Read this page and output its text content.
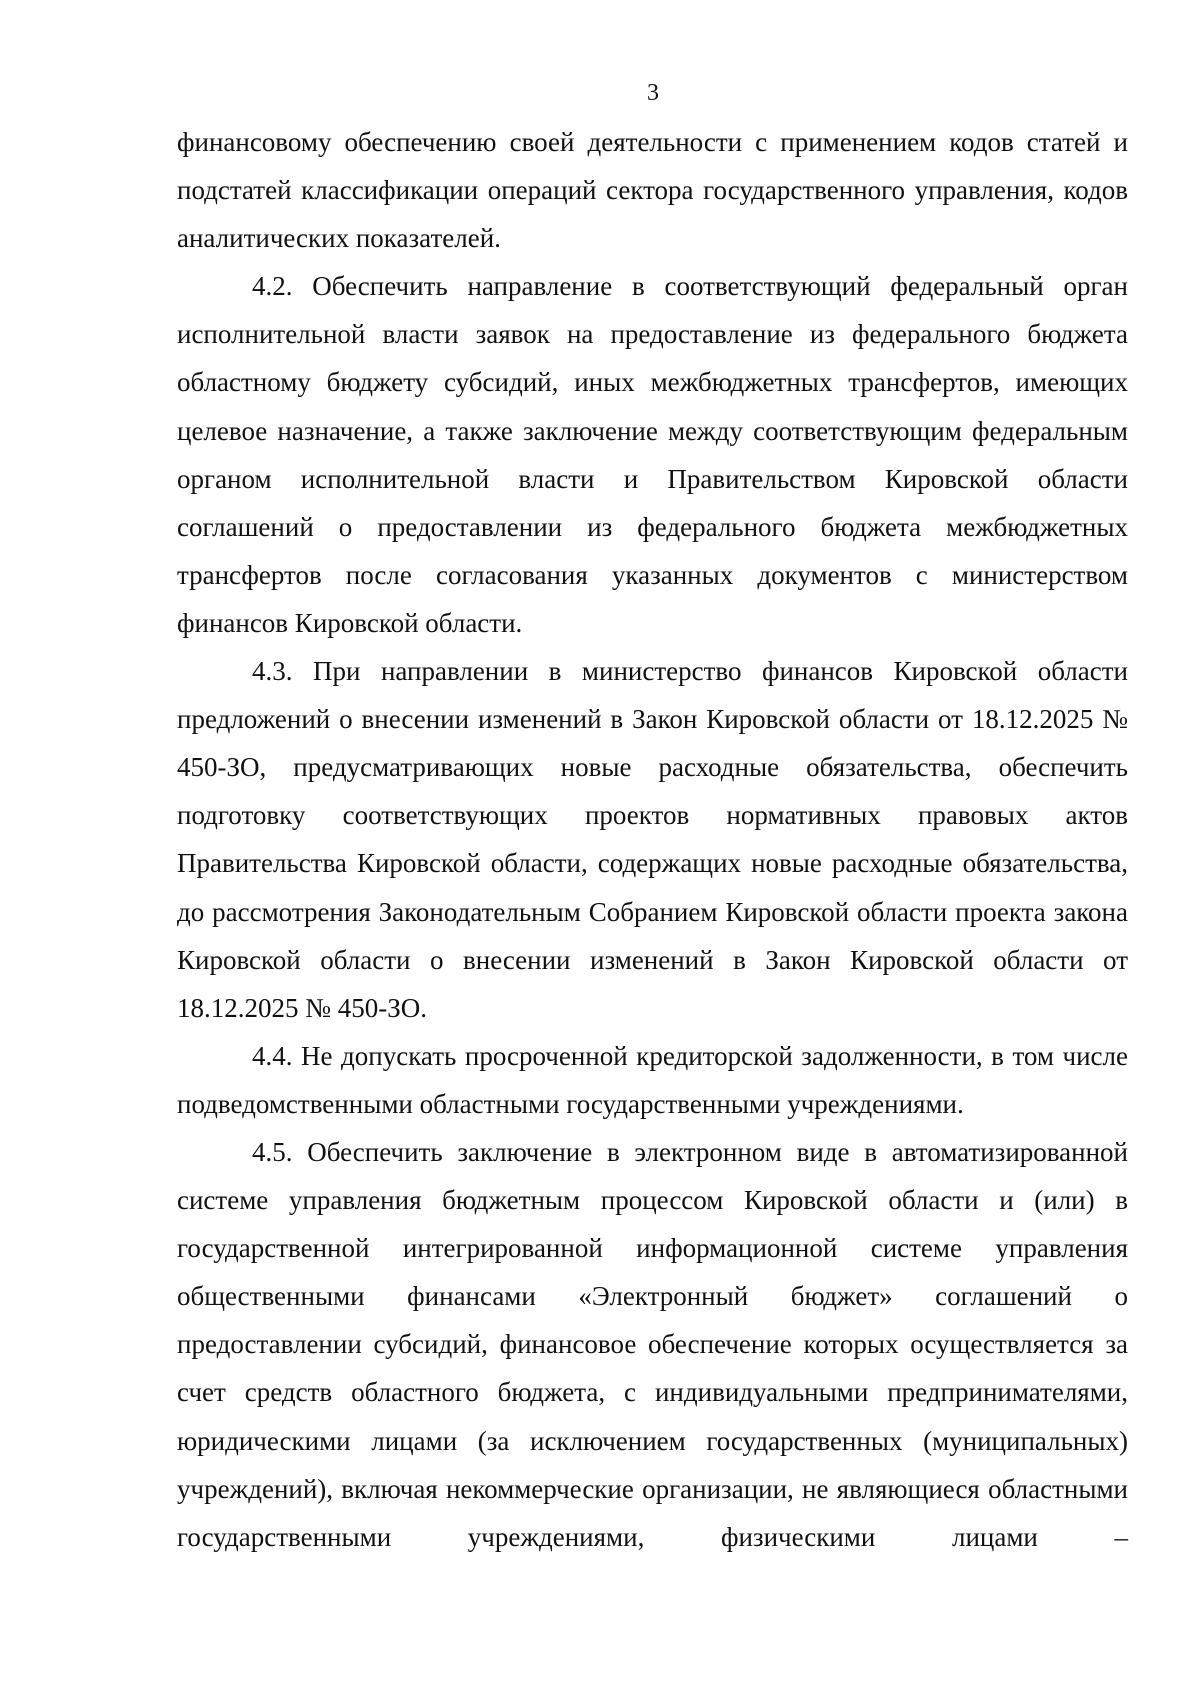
3

финансовому обеспечению своей деятельности с применением кодов статей и подстатей классификации операций сектора государственного управления, кодов аналитических показателей.

4.2. Обеспечить направление в соответствующий федеральный орган исполнительной власти заявок на предоставление из федерального бюджета областному бюджету субсидий, иных межбюджетных трансфертов, имеющих целевое назначение, а также заключение между соответствующим федеральным органом исполнительной власти и Правительством Кировской области соглашений о предоставлении из федерального бюджета межбюджетных трансфертов после согласования указанных документов с министерством финансов Кировской области.

4.3. При направлении в министерство финансов Кировской области предложений о внесении изменений в Закон Кировской области от 18.12.2025 № 450-ЗО, предусматривающих новые расходные обязательства, обеспечить подготовку соответствующих проектов нормативных правовых актов Правительства Кировской области, содержащих новые расходные обязательства, до рассмотрения Законодательным Собранием Кировской области проекта закона Кировской области о внесении изменений в Закон Кировской области от 18.12.2025 № 450-ЗО.

4.4. Не допускать просроченной кредиторской задолженности, в том числе подведомственными областными государственными учреждениями.

4.5. Обеспечить заключение в электронном виде в автоматизированной системе управления бюджетным процессом Кировской области и (или) в государственной интегрированной информационной системе управления общественными финансами «Электронный бюджет» соглашений о предоставлении субсидий, финансовое обеспечение которых осуществляется за счет средств областного бюджета, с индивидуальными предпринимателями, юридическими лицами (за исключением государственных (муниципальных) учреждений), включая некоммерческие организации, не являющиеся областными государственными учреждениями, физическими лицами –
